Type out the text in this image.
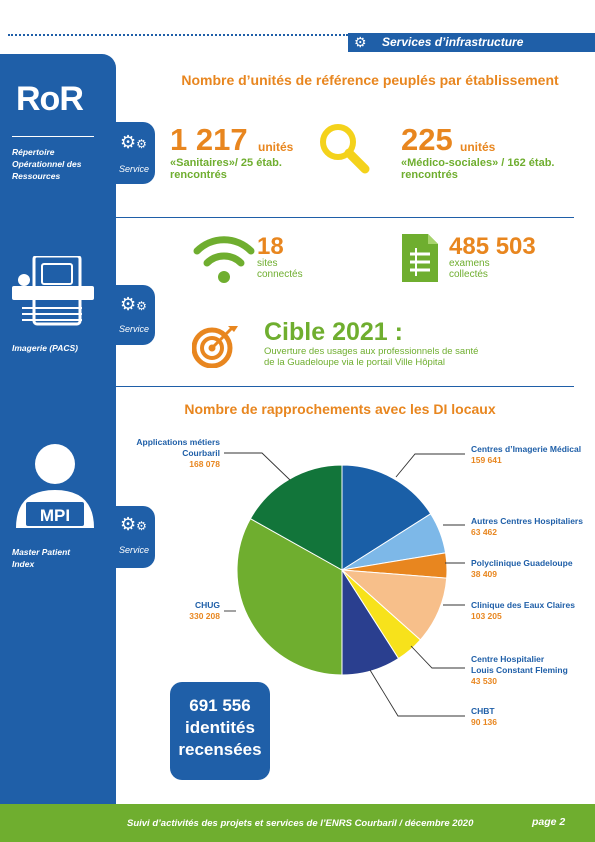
⚙ Services d’infrastructure
RoR
Répertoire
Opérationnel des
Ressources
⚙⚙
Service
Imagerie (PACS)
⚙⚙
Service
MPI
Master Patient
Index
⚙⚙
Service
Nombre d’unités de référence peuplés par établissement
1 217 unités
«Sanitaires»/ 25 étab.
rencontrés
225 unités
«Médico-sociales» / 162 étab.
rencontrés
18
sites
connectés
485 503
examens
collectés
Cible 2021 :
Ouverture des usages aux professionnels de santé
de la Guadeloupe via le portail Ville Hôpital
Nombre de rapprochements avec les DI locaux
Centres d’Imagerie Médical
159 641
Autres Centres Hospitaliers
63 462
Polyclinique Guadeloupe
38 409
Clinique des Eaux Claires
103 205
Centre Hospitalier
Louis Constant Fleming
43 530
CHBT
90 136
CHUG
330 208
Applications métiers
Courbaril
168 078
691 556
identités
recensées
Suivi d’activités des projets et services de l’ENRS Courbaril / décembre 2020	page 2
